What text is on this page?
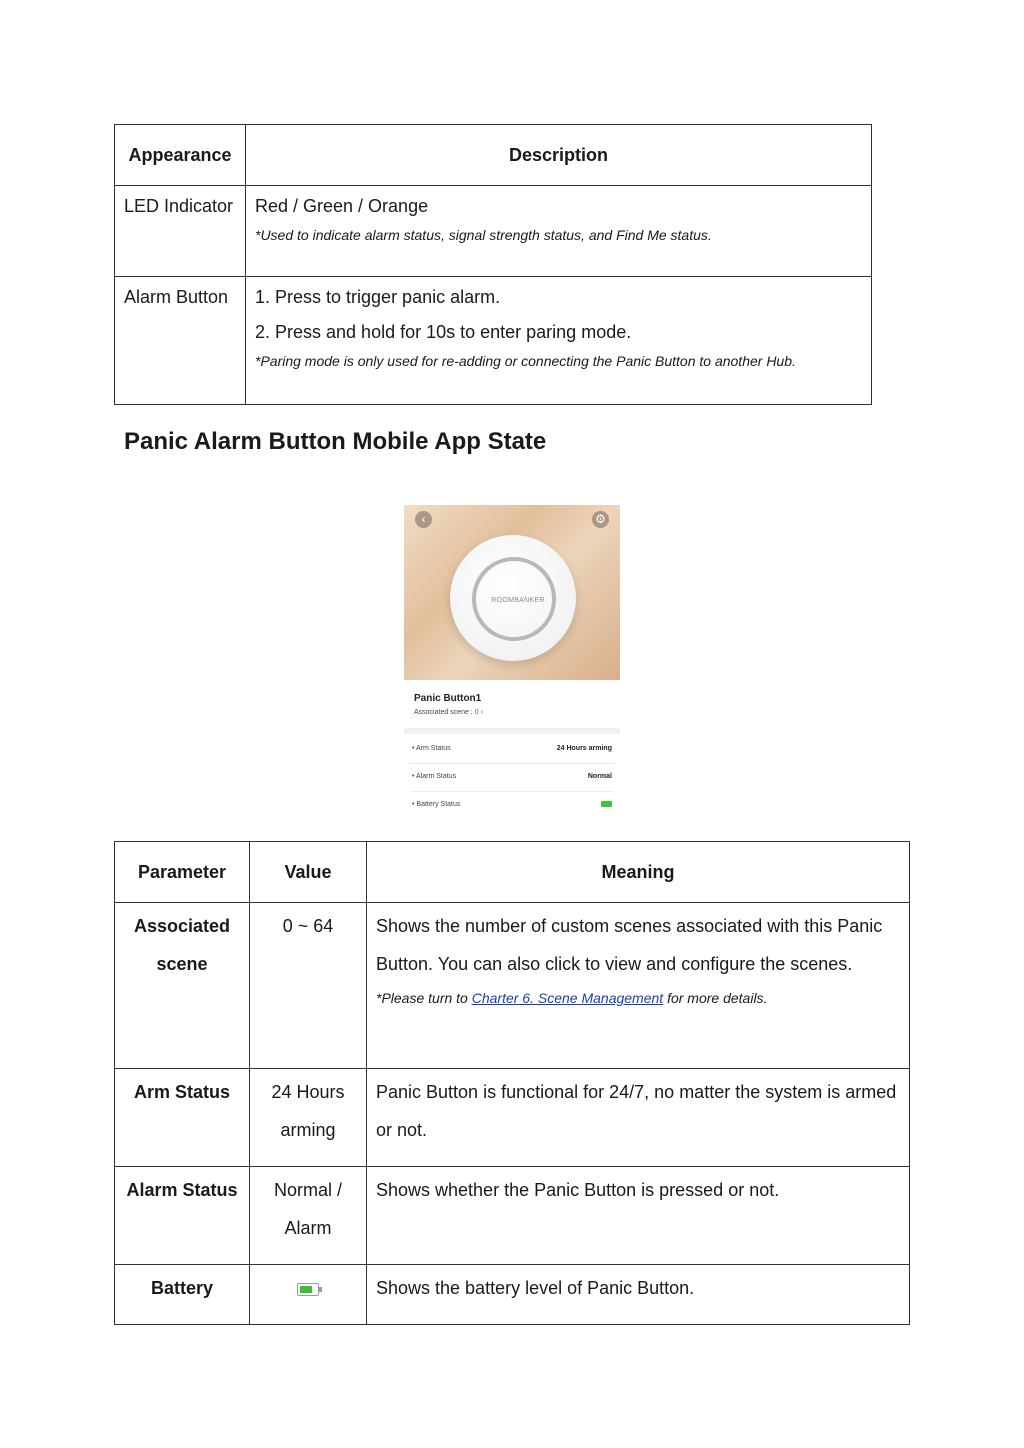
Appearance	Description
LED Indicator	Red / Green / Orange
*Used to indicate alarm status, signal strength status, and Find Me status.

Alarm Button	1. Press to trigger panic alarm.
2. Press and hold for 10s to enter paring mode.
*Paring mode is only used for re-adding or connecting the Panic Button to another Hub.
Panic Alarm Button Mobile App State
‹	⚙
ROOMBANKER
Panic Button1
Associated scene : 0 ›
• Arm Status	24 Hours arming
• Alarm Status	Normal
• Battery Status
Parameter	Value	Meaning
Associated scene	0 ~ 64	Shows the number of custom scenes associated with this Panic Button. You can also click to view and configure the scenes.
*Please turn to Charter 6. Scene Management for more details.

Arm Status	24 Hours arming	Panic Button is functional for 24/7, no matter the system is armed or not.
Alarm Status	Normal / Alarm	Shows whether the Panic Button is pressed or not.
Battery		Shows the battery level of Panic Button.
